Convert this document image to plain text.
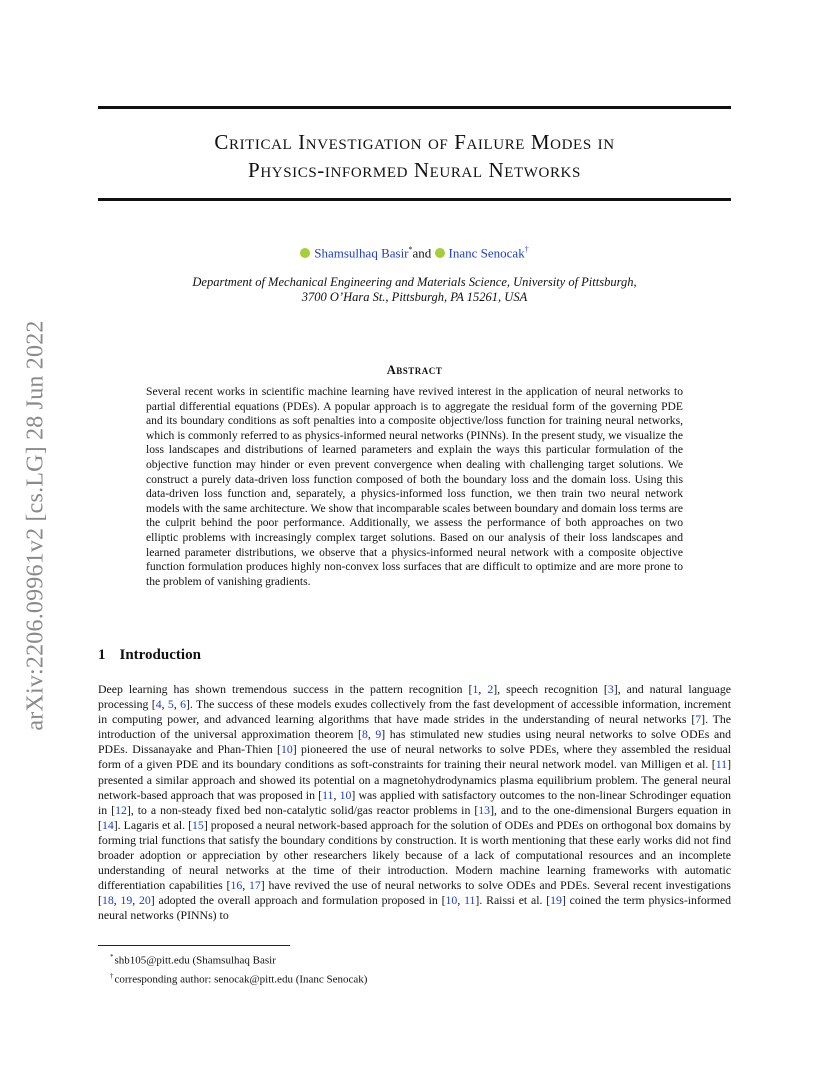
arXiv:2206.09961v2 [cs.LG] 28 Jun 2022
Critical Investigation of Failure Modes in
Physics-informed Neural Networks
Shamsulhaq Basir*and Inanc Senocak†
Department of Mechanical Engineering and Materials Science, University of Pittsburgh,
3700 O’Hara St., Pittsburgh, PA 15261, USA
Abstract
Several recent works in scientific machine learning have revived interest in the application of neural networks to partial differential equations (PDEs). A popular approach is to aggregate the residual form of the governing PDE and its boundary conditions as soft penalties into a composite objective/loss function for training neural networks, which is commonly referred to as physics-informed neural networks (PINNs). In the present study, we visualize the loss landscapes and distributions of learned parameters and explain the ways this particular formulation of the objective function may hinder or even prevent convergence when dealing with challenging target solutions. We construct a purely data-driven loss function composed of both the boundary loss and the domain loss. Using this data-driven loss function and, separately, a physics-informed loss function, we then train two neural network models with the same architecture. We show that incomparable scales between boundary and domain loss terms are the culprit behind the poor performance. Additionally, we assess the performance of both approaches on two elliptic problems with increasingly complex target solutions. Based on our analysis of their loss landscapes and learned parameter distributions, we observe that a physics-informed neural network with a composite objective function formulation produces highly non-convex loss surfaces that are difficult to optimize and are more prone to the problem of vanishing gradients.
1 Introduction
Deep learning has shown tremendous success in the pattern recognition [1, 2], speech recognition [3], and natural language processing [4, 5, 6]. The success of these models exudes collectively from the fast development of accessible information, increment in computing power, and advanced learning algorithms that have made strides in the understanding of neural networks [7]. The introduction of the universal approximation theorem [8, 9] has stimulated new studies using neural networks to solve ODEs and PDEs. Dissanayake and Phan-Thien [10] pioneered the use of neural networks to solve PDEs, where they assembled the residual form of a given PDE and its boundary conditions as soft-constraints for training their neural network model. van Milligen et al. [11] presented a similar approach and showed its potential on a magnetohydrodynamics plasma equilibrium problem. The general neural network-based approach that was proposed in [11, 10] was applied with satisfactory outcomes to the non-linear Schrodinger equation in [12], to a non-steady fixed bed non-catalytic solid/gas reactor problems in [13], and to the one-dimensional Burgers equation in [14]. Lagaris et al. [15] proposed a neural network-based approach for the solution of ODEs and PDEs on orthogonal box domains by forming trial functions that satisfy the boundary conditions by construction. It is worth mentioning that these early works did not find broader adoption or appreciation by other researchers likely because of a lack of computational resources and an incomplete understanding of neural networks at the time of their introduction. Modern machine learning frameworks with automatic differentiation capabilities [16, 17] have revived the use of neural networks to solve ODEs and PDEs. Several recent investigations [18, 19, 20] adopted the overall approach and formulation proposed in [10, 11]. Raissi et al. [19] coined the term physics-informed neural networks (PINNs) to
*shb105@pitt.edu (Shamsulhaq Basir
†corresponding author: senocak@pitt.edu (Inanc Senocak)
